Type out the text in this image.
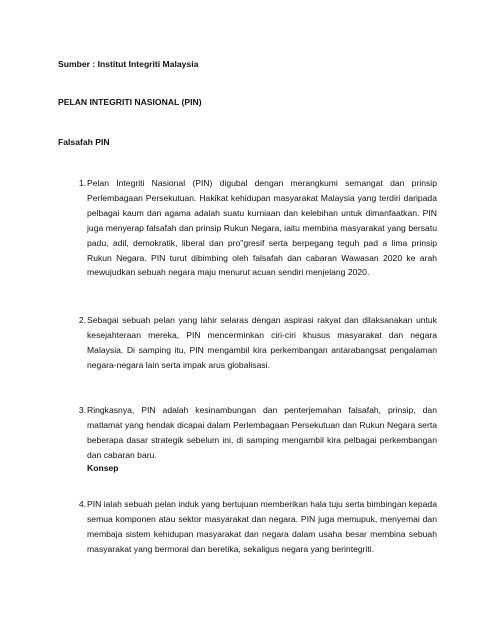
Sumber : Institut Integriti Malaysia
PELAN INTEGRITI NASIONAL (PIN)
Falsafah PIN
1. Pelan Integriti Nasional (PIN) digubal dengan merangkumi semangat dan prinsip Perlembagaan Persekutuan. Hakikat kehidupan masyarakat Malaysia yang terdiri daripada pelbagai kaum dan agama adalah suatu kurniaan dan kelebihan untuk dimanfaatkan. PIN juga menyerap falsafah dan prinsip Rukun Negara, iaitu membina masyarakat yang bersatu padu, adil, demokratik, liberal dan pro"gresif serta berpegang teguh pad a lima prinsip Rukun Negara. PIN turut dibimbing oleh falsafah dan cabaran Wawasan 2020 ke arah mewujudkan sebuah negara maju menurut acuan sendiri menjelang 2020.
2. Sebagai sebuah pelan yang lahir selaras dengan aspirasi rakyat dan dilaksanakan untuk kesejahteraan mereka, PIN mencerminkan ciri-ciri khusus masyarakat dan negara Malaysia. Di samping itu, PIN mengambil kira perkembangan antarabangsat pengalaman negara-negara lain serta impak arus globalisasi.
3. Ringkasnya, PIN adalah kesinambungan dan penterjemahan falsafah, prinsip, dan matlamat yang hendak dicapai dalam Perlembagaan Persekutuan dan Rukun Negara serta beberapa dasar strategik sebelum ini, di samping mengambil kira pelbagai perkembangan dan cabaran baru.
Konsep
4. PIN ialah sebuah pelan induk yang bertujuan memberikan hala tuju serta bimbingan kepada semua komponen atau sektor masyarakat dan negara. PIN juga memupuk, menyemai dan membaja sistem kehidupan masyarakat dan negara dalam usaha besar membina sebuah masyarakat yang bermoral dan beretika, sekaligus negara yang berintegriti.
